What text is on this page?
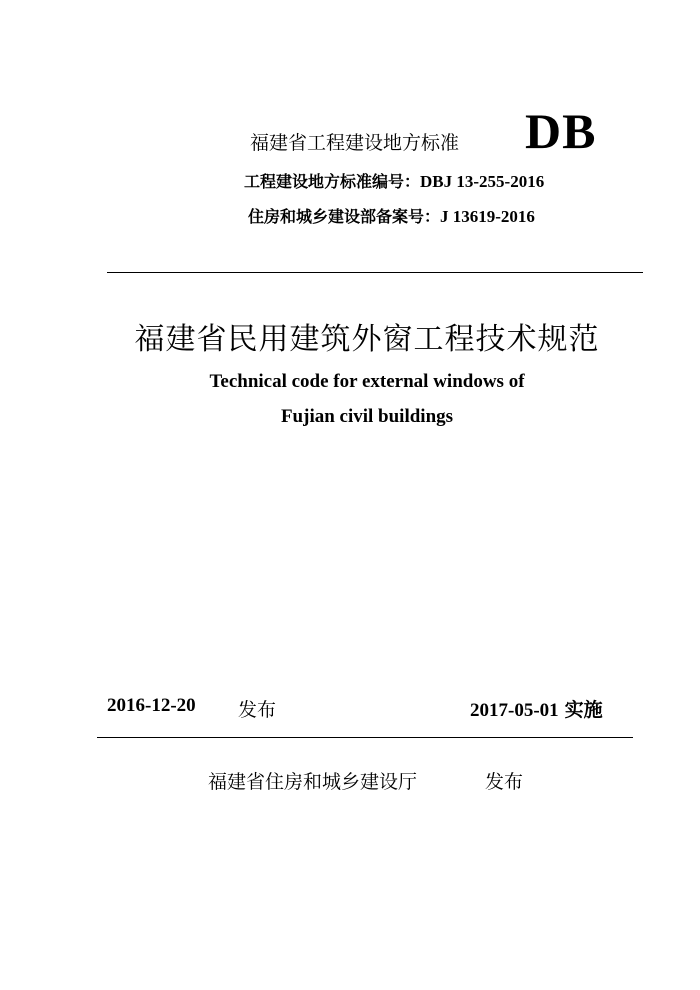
福建省工程建设地方标准 DB
工程建设地方标准编号：DBJ 13-255-2016
住房和城乡建设部备案号：J 13619-2016
福建省民用建筑外窗工程技术规范
Technical code for external windows of
Fujian civil buildings
2016-12-20 发布	2017-05-01 实施
福建省住房和城乡建设厅	发布
